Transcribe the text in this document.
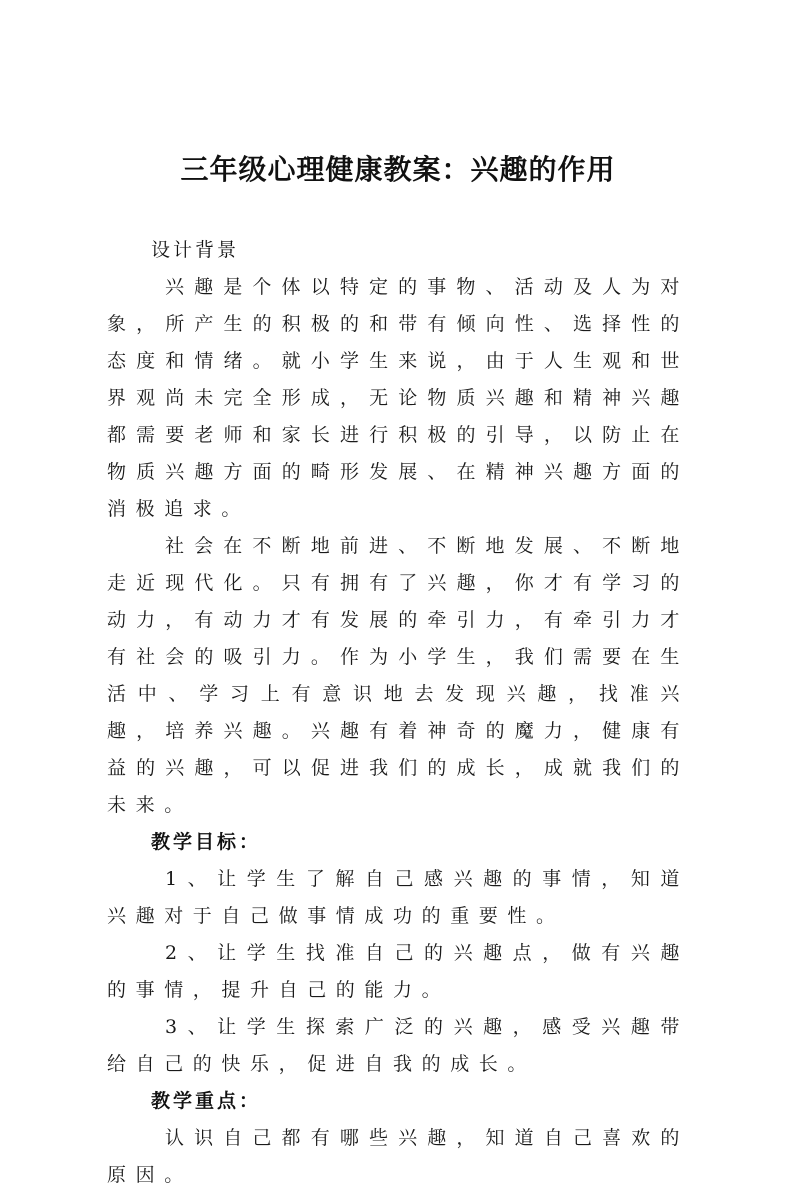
三年级心理健康教案：兴趣的作用

设计背景

兴趣是个体以特定的事物、活动及人为对象，所产生的积极的和带有倾向性、选择性的态度和情绪。就小学生来说，由于人生观和世界观尚未完全形成，无论物质兴趣和精神兴趣都需要老师和家长进行积极的引导，以防止在物质兴趣方面的畸形发展、在精神兴趣方面的消极追求。

社会在不断地前进、不断地发展、不断地走近现代化。只有拥有了兴趣，你才有学习的动力，有动力才有发展的牵引力，有牵引力才有社会的吸引力。作为小学生，我们需要在生活中、学习上有意识地去发现兴趣，找准兴趣，培养兴趣。兴趣有着神奇的魔力，健康有益的兴趣，可以促进我们的成长，成就我们的未来。

教学目标：

1、让学生了解自己感兴趣的事情，知道兴趣对于自己做事情成功的重要性。

2、让学生找准自己的兴趣点，做有兴趣的事情，提升自己的能力。

3、让学生探索广泛的兴趣，感受兴趣带给自己的快乐，促进自我的成长。

教学重点：

认识自己都有哪些兴趣，知道自己喜欢的原因。
